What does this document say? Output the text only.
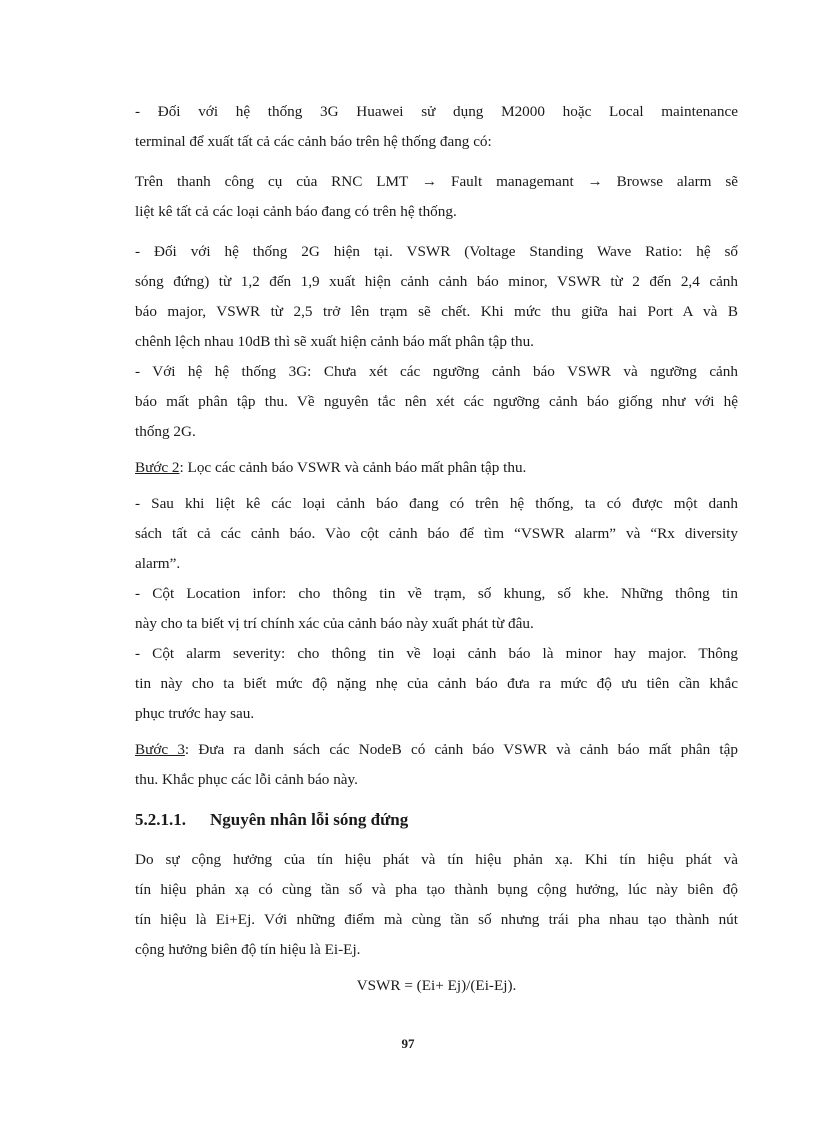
- Đối với hệ thống 3G Huawei sử dụng M2000 hoặc Local maintenance
terminal để xuất tất cả các cảnh báo trên hệ thống đang có:
Trên thanh công cụ của RNC LMT → Fault managemant → Browse alarm sẽ
liệt kê tất cả các loại cảnh báo đang có trên hệ thống.
- Đối với hệ thống 2G hiện tại. VSWR (Voltage Standing Wave Ratio: hệ số
sóng đứng) từ 1,2 đến 1,9 xuất hiện cảnh cảnh báo minor, VSWR từ 2 đến 2,4 cảnh
báo major, VSWR từ 2,5 trở lên trạm sẽ chết. Khi mức thu giữa hai Port A và B
chênh lệch nhau 10dB thì sẽ xuất hiện cảnh báo mất phân tập thu.
- Với hệ hệ thống 3G: Chưa xét các ngưỡng cảnh báo VSWR và ngưỡng cảnh
báo mất phân tập thu. Về nguyên tắc nên xét các ngưỡng cảnh báo giống như với hệ
thống 2G.
Bước 2: Lọc các cảnh báo VSWR và cảnh báo mất phân tập thu.
- Sau khi liệt kê các loại cảnh báo đang có trên hệ thống, ta có được một danh
sách tất cả các cảnh báo. Vào cột cảnh báo để tìm “VSWR alarm” và “Rx diversity
alarm”.
- Cột Location infor: cho thông tin về trạm, số khung, số khe. Những thông tin
này cho ta biết vị trí chính xác của cảnh báo này xuất phát từ đâu.
- Cột alarm severity: cho thông tin về loại cảnh báo là minor hay major. Thông
tin này cho ta biết mức độ nặng nhẹ của cảnh báo đưa ra mức độ ưu tiên cần khắc
phục trước hay sau.
Bước 3: Đưa ra danh sách các NodeB có cảnh báo VSWR và cảnh báo mất phân tập
thu. Khắc phục các lỗi cảnh báo này.
5.2.1.1. Nguyên nhân lỗi sóng đứng
Do sự cộng hưởng của tín hiệu phát và tín hiệu phản xạ. Khi tín hiệu phát và
tín hiệu phản xạ có cùng tần số và pha tạo thành bụng cộng hưởng, lúc này biên độ
tín hiệu là Ei+Ej. Với những điểm mà cùng tần số nhưng trái pha nhau tạo thành nút
cộng hưởng biên độ tín hiệu là Ei-Ej.
VSWR = (Ei+ Ej)/(Ei-Ej).
97
